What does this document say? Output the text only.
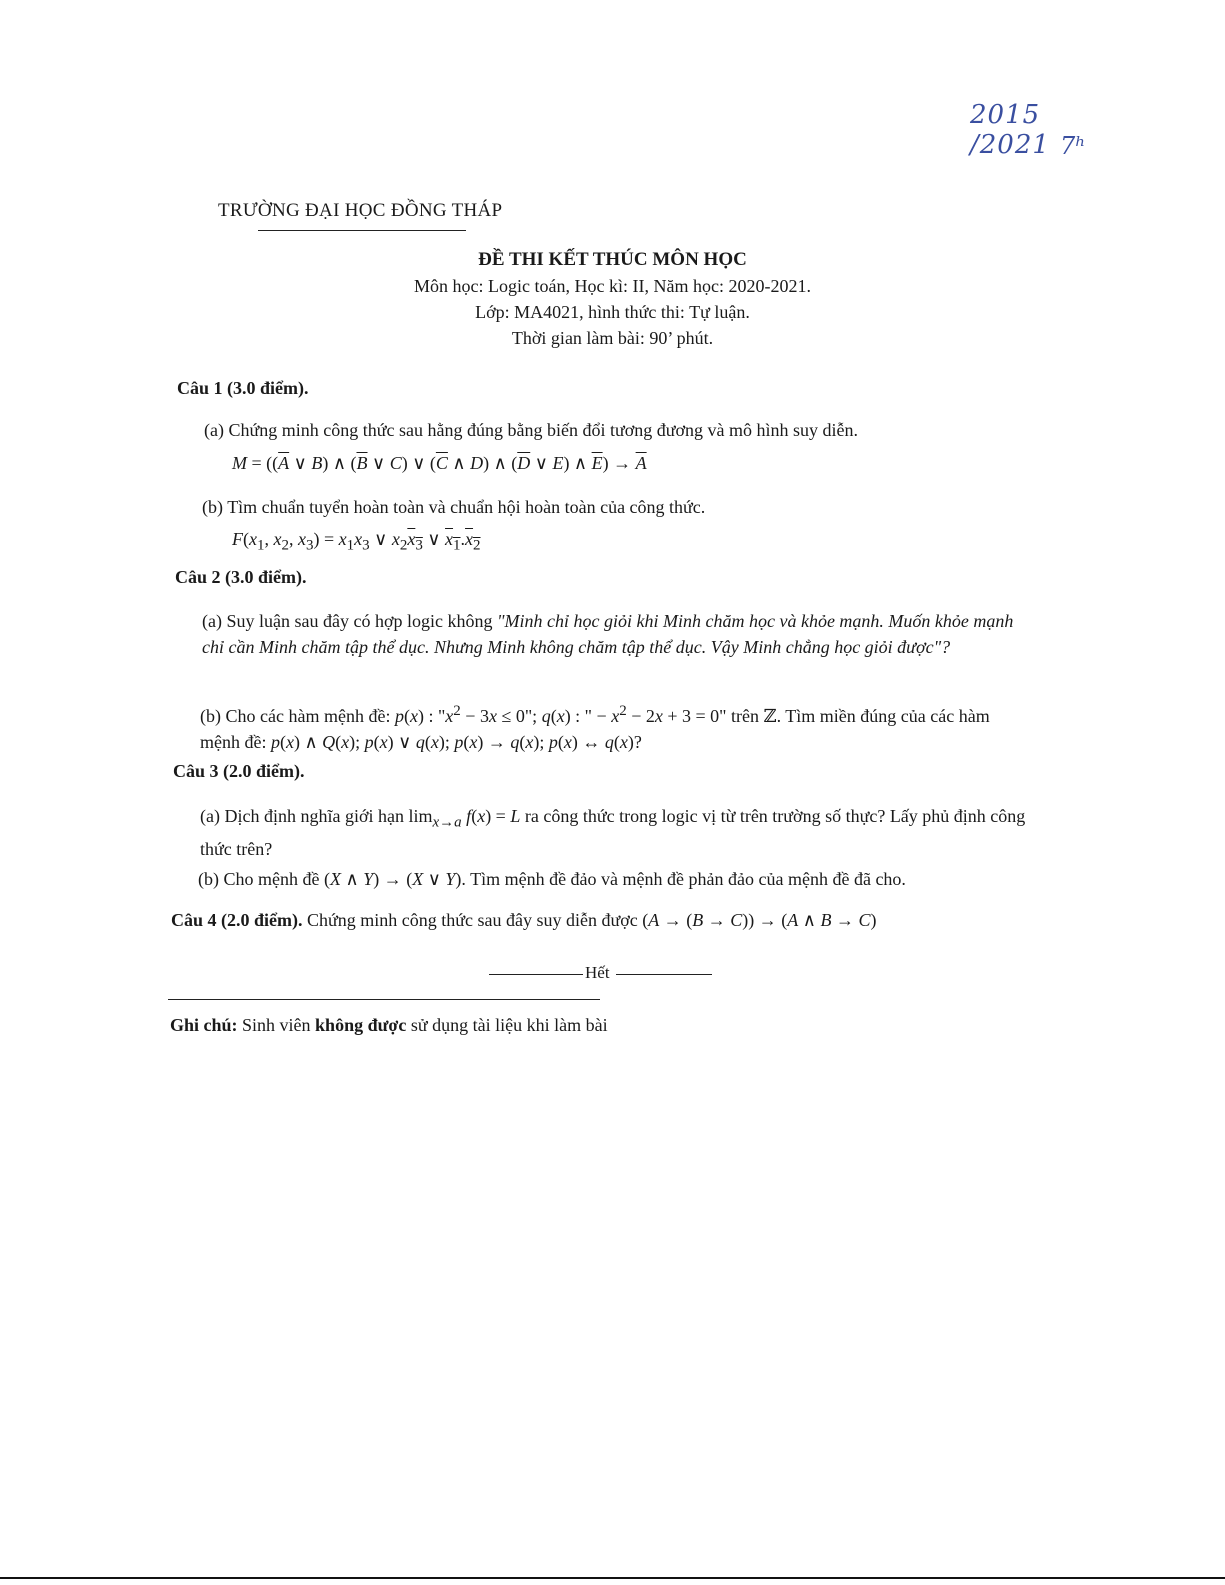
2015 /2021 7ʰ
TRƯỜNG ĐẠI HỌC ĐỒNG THÁP
ĐỀ THI KẾT THÚC MÔN HỌC
Môn học: Logic toán, Học kì: II, Năm học: 2020-2021.
Lớp: MA4021, hình thức thi: Tự luận.
Thời gian làm bài: 90’ phút.
Câu 1 (3.0 điểm).
(a) Chứng minh công thức sau hằng đúng bằng biến đổi tương đương và mô hình suy diễn.
$M = ((\overline{A}$ ∨ B) ∧ ($\overline{B}$ ∨ C) ∨ ($\overline{C}$ ∧ D) ∧ ($\overline{D}$ ∨ E) ∧ $\overline{E}) \to \overline{A}$
(b) Tìm chuẩn tuyển hoàn toàn và chuẩn hội hoàn toàn của công thức.
$F(x_1$, $x_2$, $x_3) = x_1x_3$ ∨ $x_2x_3$ ∨ $x_1.x_2$
Câu 2 (3.0 điểm).
(a) Suy luận sau đây có hợp logic không "Minh chỉ học giỏi khi Minh chăm học và khỏe mạnh. Muốn khỏe mạnh chỉ cần Minh chăm tập thể dục. Nhưng Minh không chăm tập thể dục. Vậy Minh chẳng học giỏi được"?
(b) Cho các hàm mệnh đề: p(x) : "$x^2 - 3x \le 0$"; q(x) : " − $x^2 - 2x + 3 = 0$" trên ℤ. Tìm miền đúng của các hàm mệnh đề: p(x) ∧ Q(x); p(x) ∨ q(x); p(x) → q(x); p(x) ↔ q(x)?
Câu 3 (2.0 điểm).
(a) Dịch định nghĩa giới hạn $\lim_{x\to a} f(x) = L$ ra công thức trong logic vị từ trên trường số thực? Lấy phủ định công thức trên?
(b) Cho mệnh đề (X ∧ Y) → (X ∨ Y). Tìm mệnh đề đảo và mệnh đề phản đảo của mệnh đề đã cho.
Câu 4 (2.0 điểm). Chứng minh công thức sau đây suy diễn được (A → (B → C)) → (A ∧ B → C)
Hết
Ghi chú: Sinh viên không được sử dụng tài liệu khi làm bài
